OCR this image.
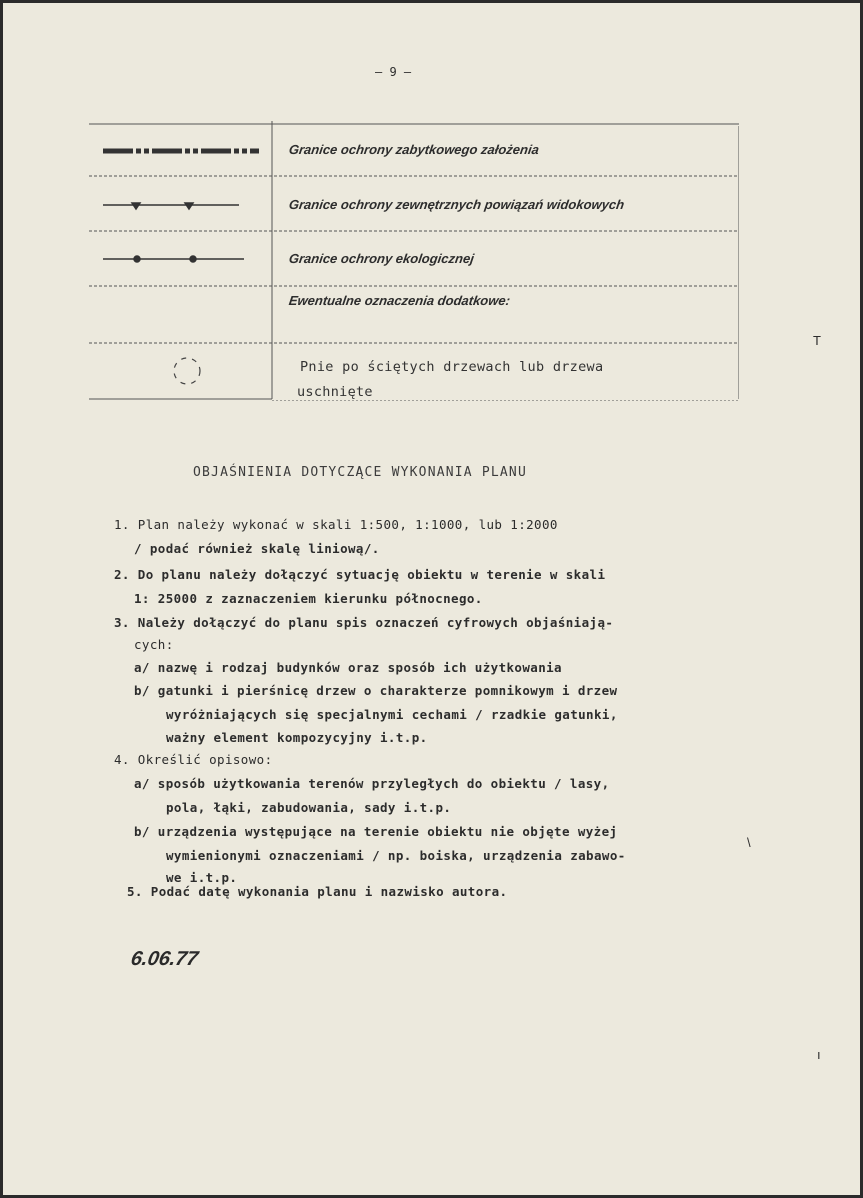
— 9 —
T
\
ı
Granice ochrony zabytkowego założenia
Granice ochrony zewnętrznych powiązań widokowych
Granice ochrony ekologicznej
Ewentualne oznaczenia dodatkowe:
Pnie po ściętych drzewach lub drzewa
uschnięte
OBJAŚNIENIA DOTYCZĄCE WYKONANIA PLANU
1. Plan należy wykonać w skali 1:500, 1:1000, lub 1:2000
/ podać również skalę liniową/.
2. Do planu należy dołączyć sytuację obiektu w terenie w skali
1: 25000 z zaznaczeniem kierunku północnego.
3. Należy dołączyć do planu spis oznaczeń cyfrowych objaśniają-
cych:
a/ nazwę i rodzaj budynków oraz sposób ich użytkowania
b/ gatunki i pierśnicę drzew o charakterze pomnikowym i drzew
wyróżniających się specjalnymi cechami / rzadkie gatunki,
ważny element kompozycyjny i.t.p.
4. Określić opisowo:
a/ sposób użytkowania terenów przyległych do obiektu / lasy,
pola, łąki, zabudowania, sady i.t.p.
b/ urządzenia występujące na terenie obiektu nie objęte wyżej
wymienionymi oznaczeniami / np. boiska, urządzenia zabawo-
we i.t.p.
5. Podać datę wykonania planu i nazwisko autora.
6.06.77
